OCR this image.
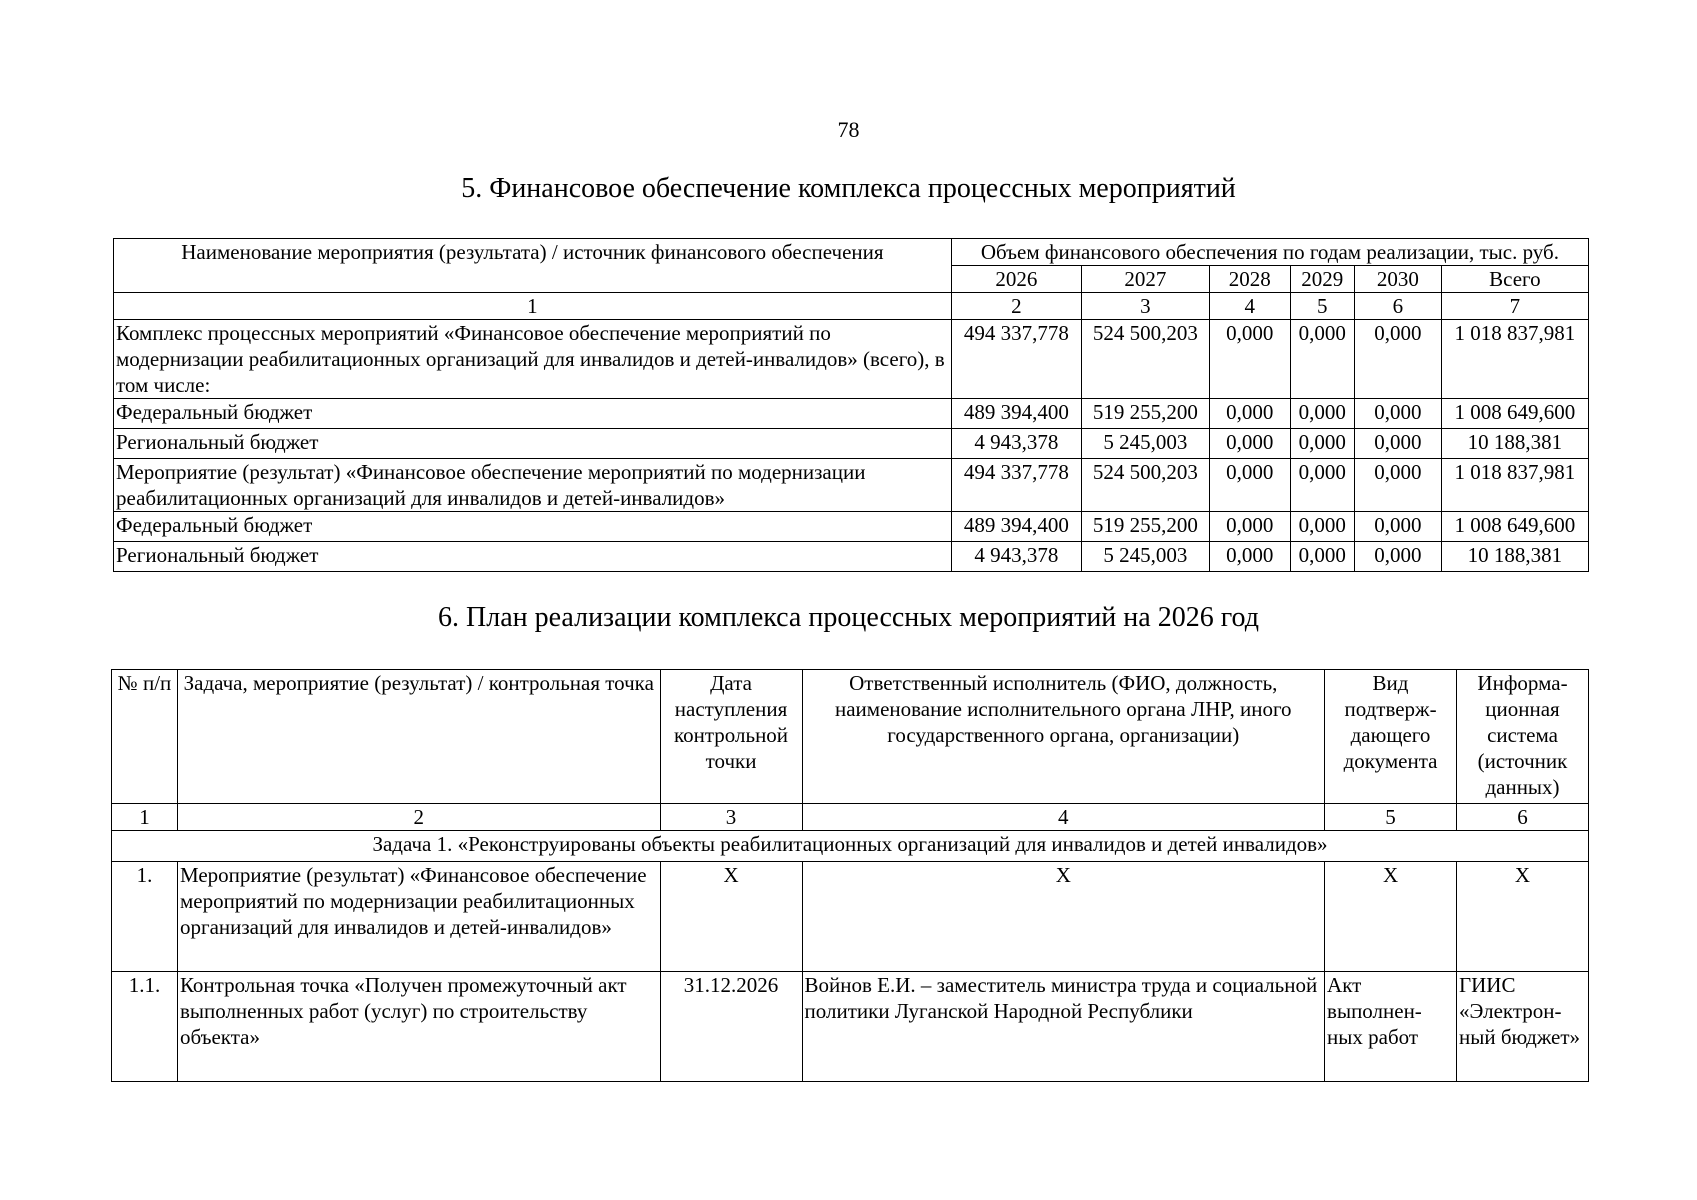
78
5. Финансовое обеспечение комплекса процессных мероприятий
Наименование мероприятия (результата) / источник финансового обеспечения	Объем финансового обеспечения по годам реализации, тыс. руб.					
	2026	2027	2028	2029	2030	Всего
1	2	3	4	5	6	7
Комплекс процессных мероприятий «Финансовое обеспечение мероприятий по модернизации реабилитационных организаций для инвалидов и детей-инвалидов» (всего), в том числе:	494 337,778	524 500,203	0,000	0,000	0,000	1 018 837,981
Федеральный бюджет	489 394,400	519 255,200	0,000	0,000	0,000	1 008 649,600
Региональный бюджет	4 943,378	5 245,003	0,000	0,000	0,000	10 188,381
Мероприятие (результат) «Финансовое обеспечение мероприятий по модернизации реабилитационных организаций для инвалидов и детей-инвалидов»	494 337,778	524 500,203	0,000	0,000	0,000	1 018 837,981
Федеральный бюджет	489 394,400	519 255,200	0,000	0,000	0,000	1 008 649,600
Региональный бюджет	4 943,378	5 245,003	0,000	0,000	0,000	10 188,381
6. План реализации комплекса процессных мероприятий на 2026 год
№ п/п	Задача, мероприятие (результат) / контрольная точка	Дата наступления контрольной точки	Ответственный исполнитель (ФИО, должность, наименование исполнительного органа ЛНР, иного государственного органа, организации)	Вид подтверж-дающего документа	Информа-ционная система (источник данных)
1	2	3	4	5	6
Задача 1. «Реконструированы объекты реабилитационных организаций для инвалидов и детей инвалидов»					
1.	Мероприятие (результат) «Финансовое обеспечение мероприятий по модернизации реабилитационных организаций для инвалидов и детей-инвалидов»	X	X	X	X
1.1.	Контрольная точка «Получен промежуточный акт выполненных работ (услуг) по строительству объекта»	31.12.2026	Войнов Е.И. – заместитель министра труда и социальной политики Луганской Народной Республики	Акт выполнен-ных работ	ГИИС «Электрон-ный бюджет»
